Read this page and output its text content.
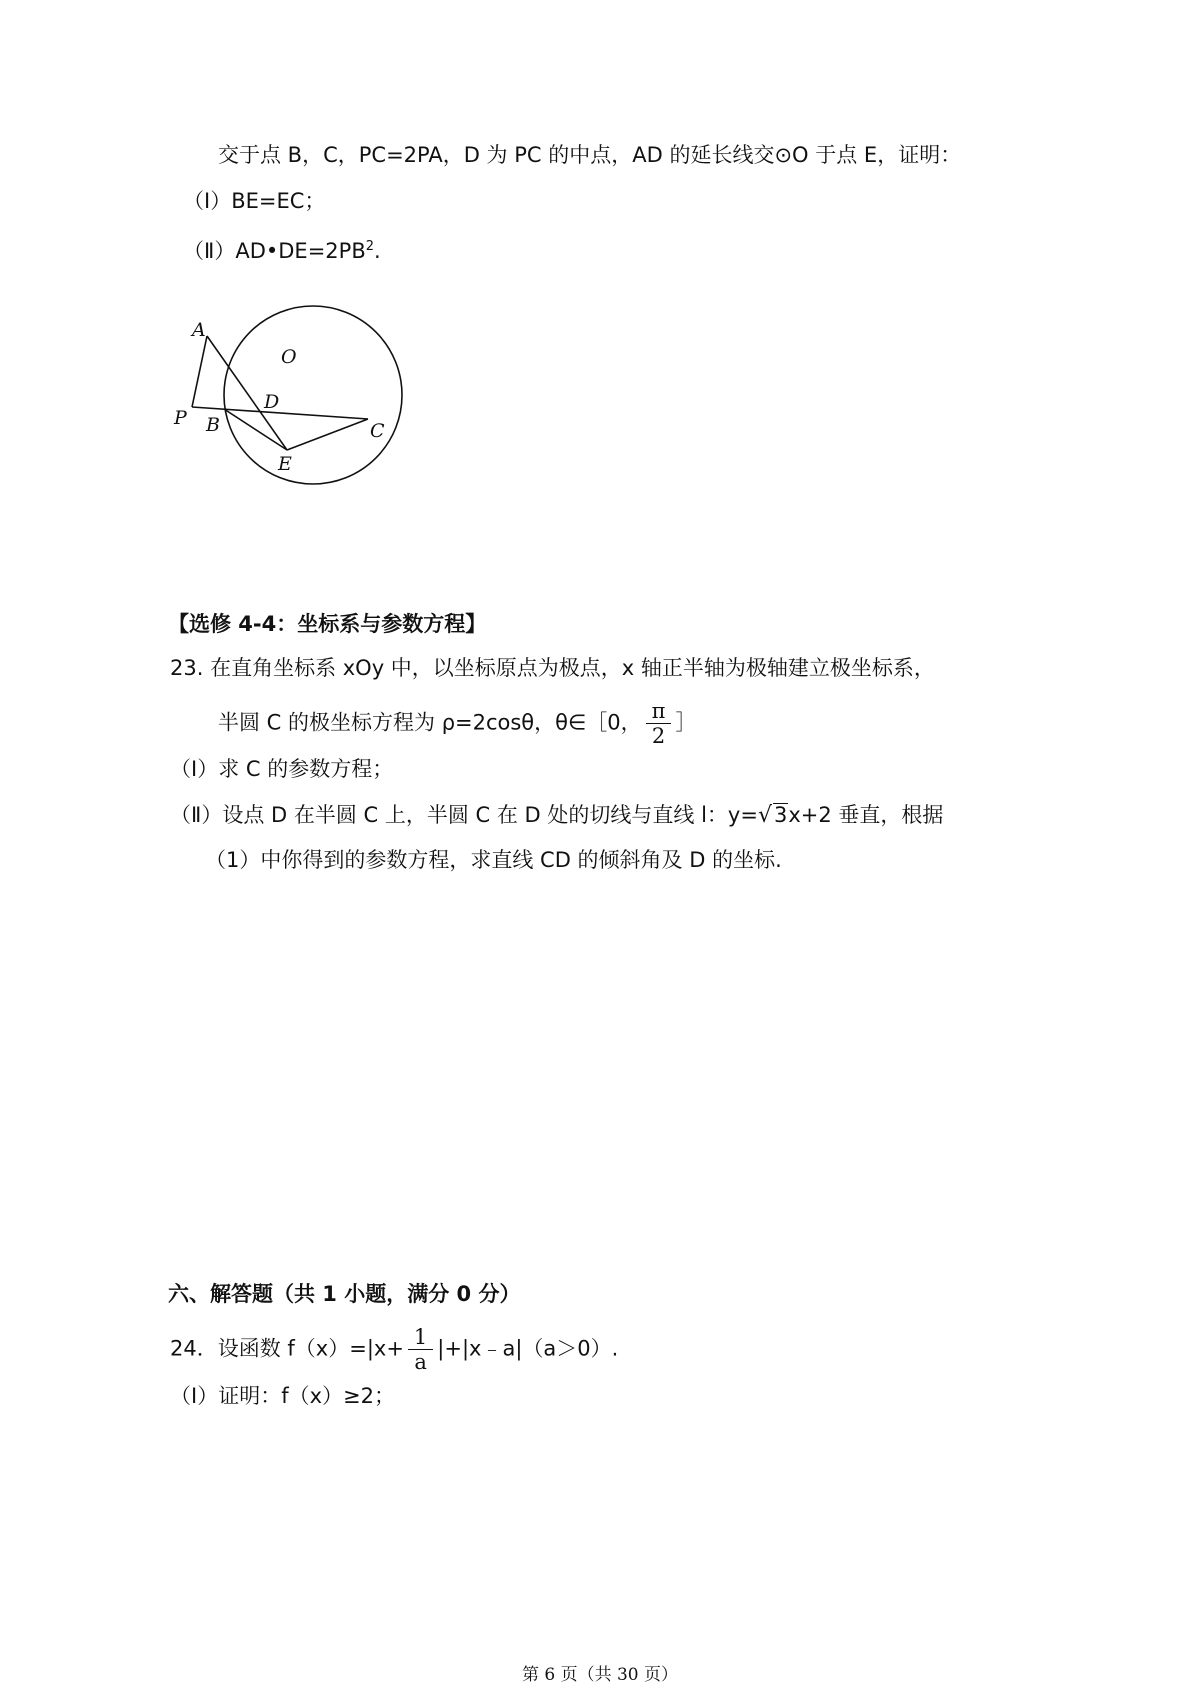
交于点 B，C，PC=2PA，D 为 PC 的中点，AD 的延长线交⊙O 于点 E，证明：
（Ⅰ）BE=EC；
$(Ⅱ)AD•DE=2PB^2$.
A
O
D
P B	C
E
【选修 4-4：坐标系与参数方程】
23. 在直角坐标系 xOy 中，以坐标原点为极点，x 轴正半轴为极轴建立极坐标系，
半圆 C 的极坐标方程为 ρ=2cosθ，θ∈［0， $\frac{\pi}{2}$ ］
（Ⅰ）求 C 的参数方程；
（Ⅱ）设点 D 在半圆 C 上，半圆 C 在 D 处的切线与直线 l：y=√3x+2 垂直，根据
（1）中你得到的参数方程，求直线 CD 的倾斜角及 D 的坐标.
六、解答题（共 1 小题，满分 0 分）
24．设函数 $f(x)=|x+ \frac{1}{a}$ |+|x﹣a|（a＞0）.
（Ⅰ）证明：f（x）≥2；
第 6 页（共 30 页）
